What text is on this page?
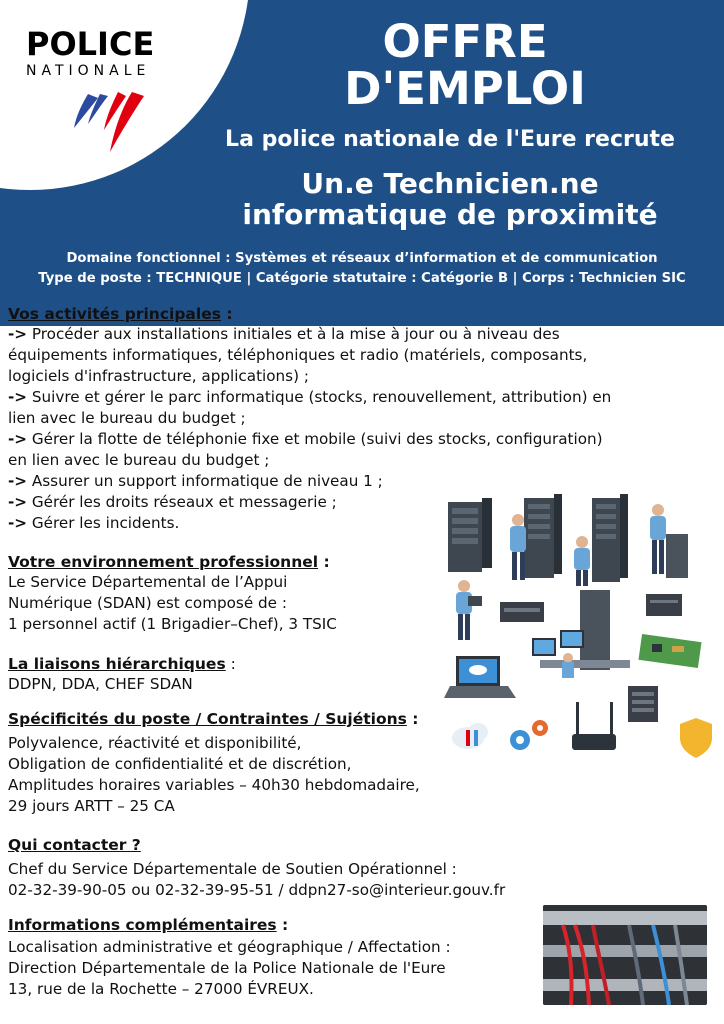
POLICE
NATIONALE
OFFRE
D'EMPLOI
La police nationale de l'Eure recrute
Un.e Technicien.ne
informatique de proximité
Domaine fonctionnel : Systèmes et réseaux d’information et de communication
Type de poste : TECHNIQUE | Catégorie statutaire : Catégorie B | Corps : Technicien SIC
Vos activités principales :
-> Procéder aux installations initiales et à la mise à jour ou à niveau des
équipements informatiques, téléphoniques et radio (matériels, composants,
logiciels d'infrastructure, applications) ;
-> Suivre et gérer le parc informatique (stocks, renouvellement, attribution) en
lien avec le bureau du budget ;
-> Gérer la flotte de téléphonie fixe et mobile (suivi des stocks, configuration)
en lien avec le bureau du budget ;
-> Assurer un support informatique de niveau 1 ;
-> Gérér les droits réseaux et messagerie ;
-> Gérer les incidents.
Votre environnement professionnel :
Le Service Départemental de l’Appui
Numérique (SDAN) est composé de :
1 personnel actif (1 Brigadier–Chef), 3 TSIC
La liaisons hiérarchiques :
DDPN, DDA, CHEF SDAN
Spécificités du poste / Contraintes / Sujétions :
Polyvalence, réactivité et disponibilité,
Obligation de confidentialité et de discrétion,
Amplitudes horaires variables – 40h30 hebdomadaire,
29 jours ARTT – 25 CA
Qui contacter ?
Chef du Service Départementale de Soutien Opérationnel :
02-32-39-90-05 ou 02-32-39-95-51 / ddpn27-so@interieur.gouv.fr
Informations complémentaires :
Localisation administrative et géographique / Affectation :
Direction Départementale de la Police Nationale de l'Eure
13, rue de la Rochette – 27000 ÉVREUX.
